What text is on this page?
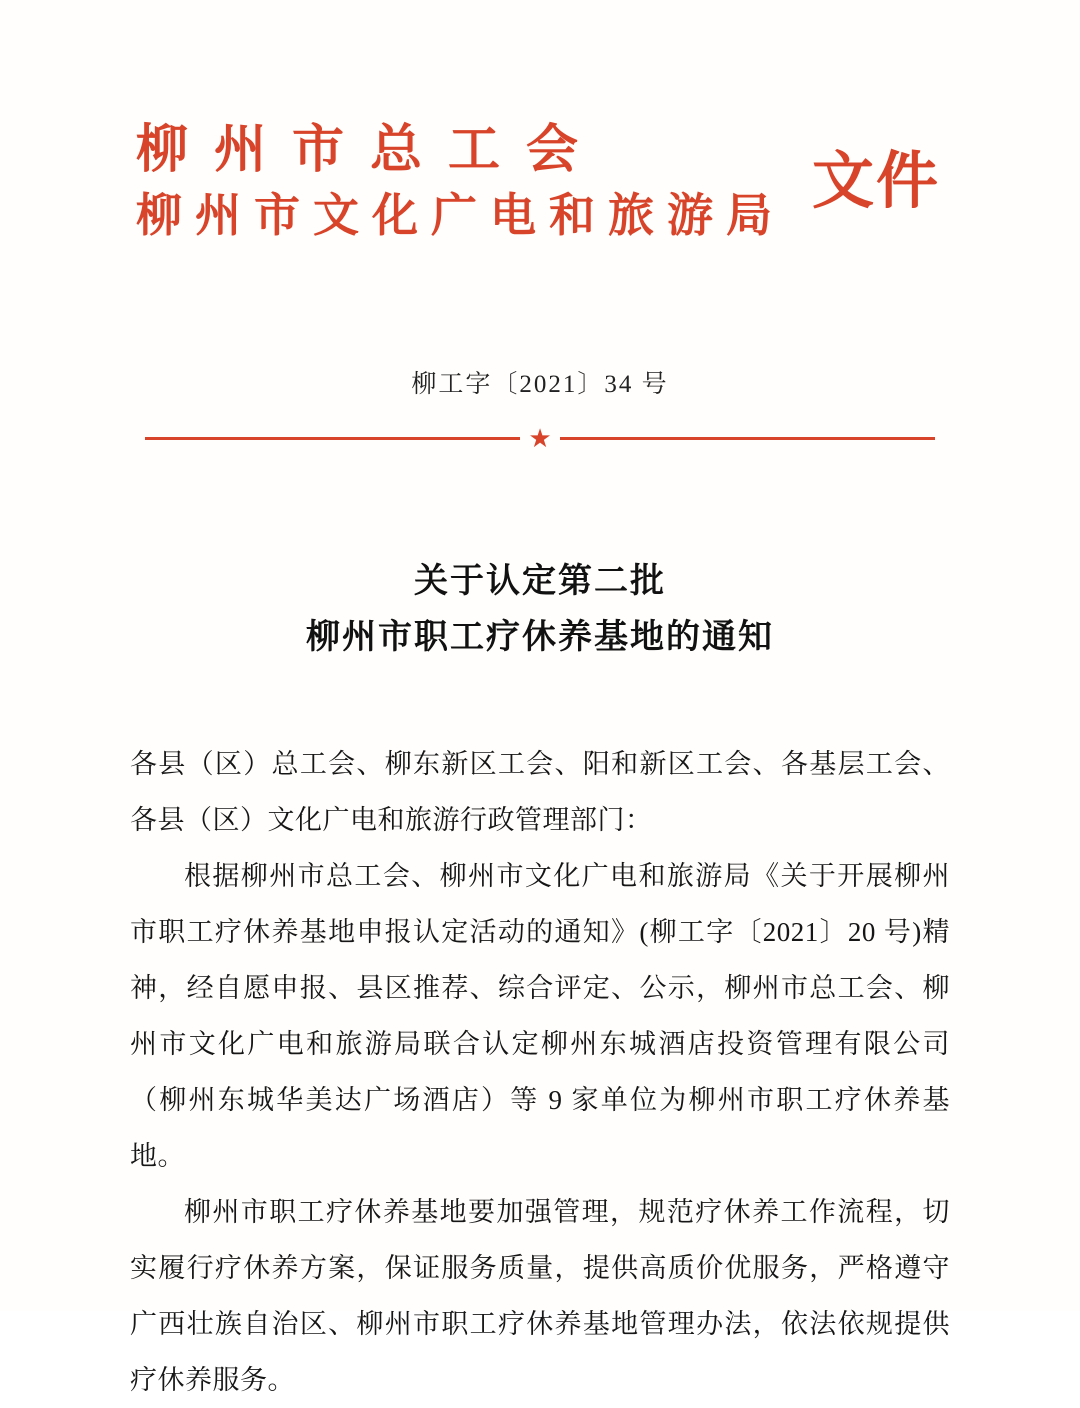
柳州市总工会
柳州市文化广电和旅游局 文件
柳工字〔2021〕34 号
★
关于认定第二批
柳州市职工疗休养基地的通知

各县（区）总工会、柳东新区工会、阳和新区工会、各基层工会、各县（区）文化广电和旅游行政管理部门：

根据柳州市总工会、柳州市文化广电和旅游局《关于开展柳州市职工疗休养基地申报认定活动的通知》(柳工字〔2021〕20 号)精神，经自愿申报、县区推荐、综合评定、公示，柳州市总工会、柳州市文化广电和旅游局联合认定柳州东城酒店投资管理有限公司（柳州东城华美达广场酒店）等 9 家单位为柳州市职工疗休养基地。

柳州市职工疗休养基地要加强管理，规范疗休养工作流程，切实履行疗休养方案，保证服务质量，提供高质价优服务，严格遵守广西壮族自治区、柳州市职工疗休养基地管理办法，依法依规提供疗休养服务。
